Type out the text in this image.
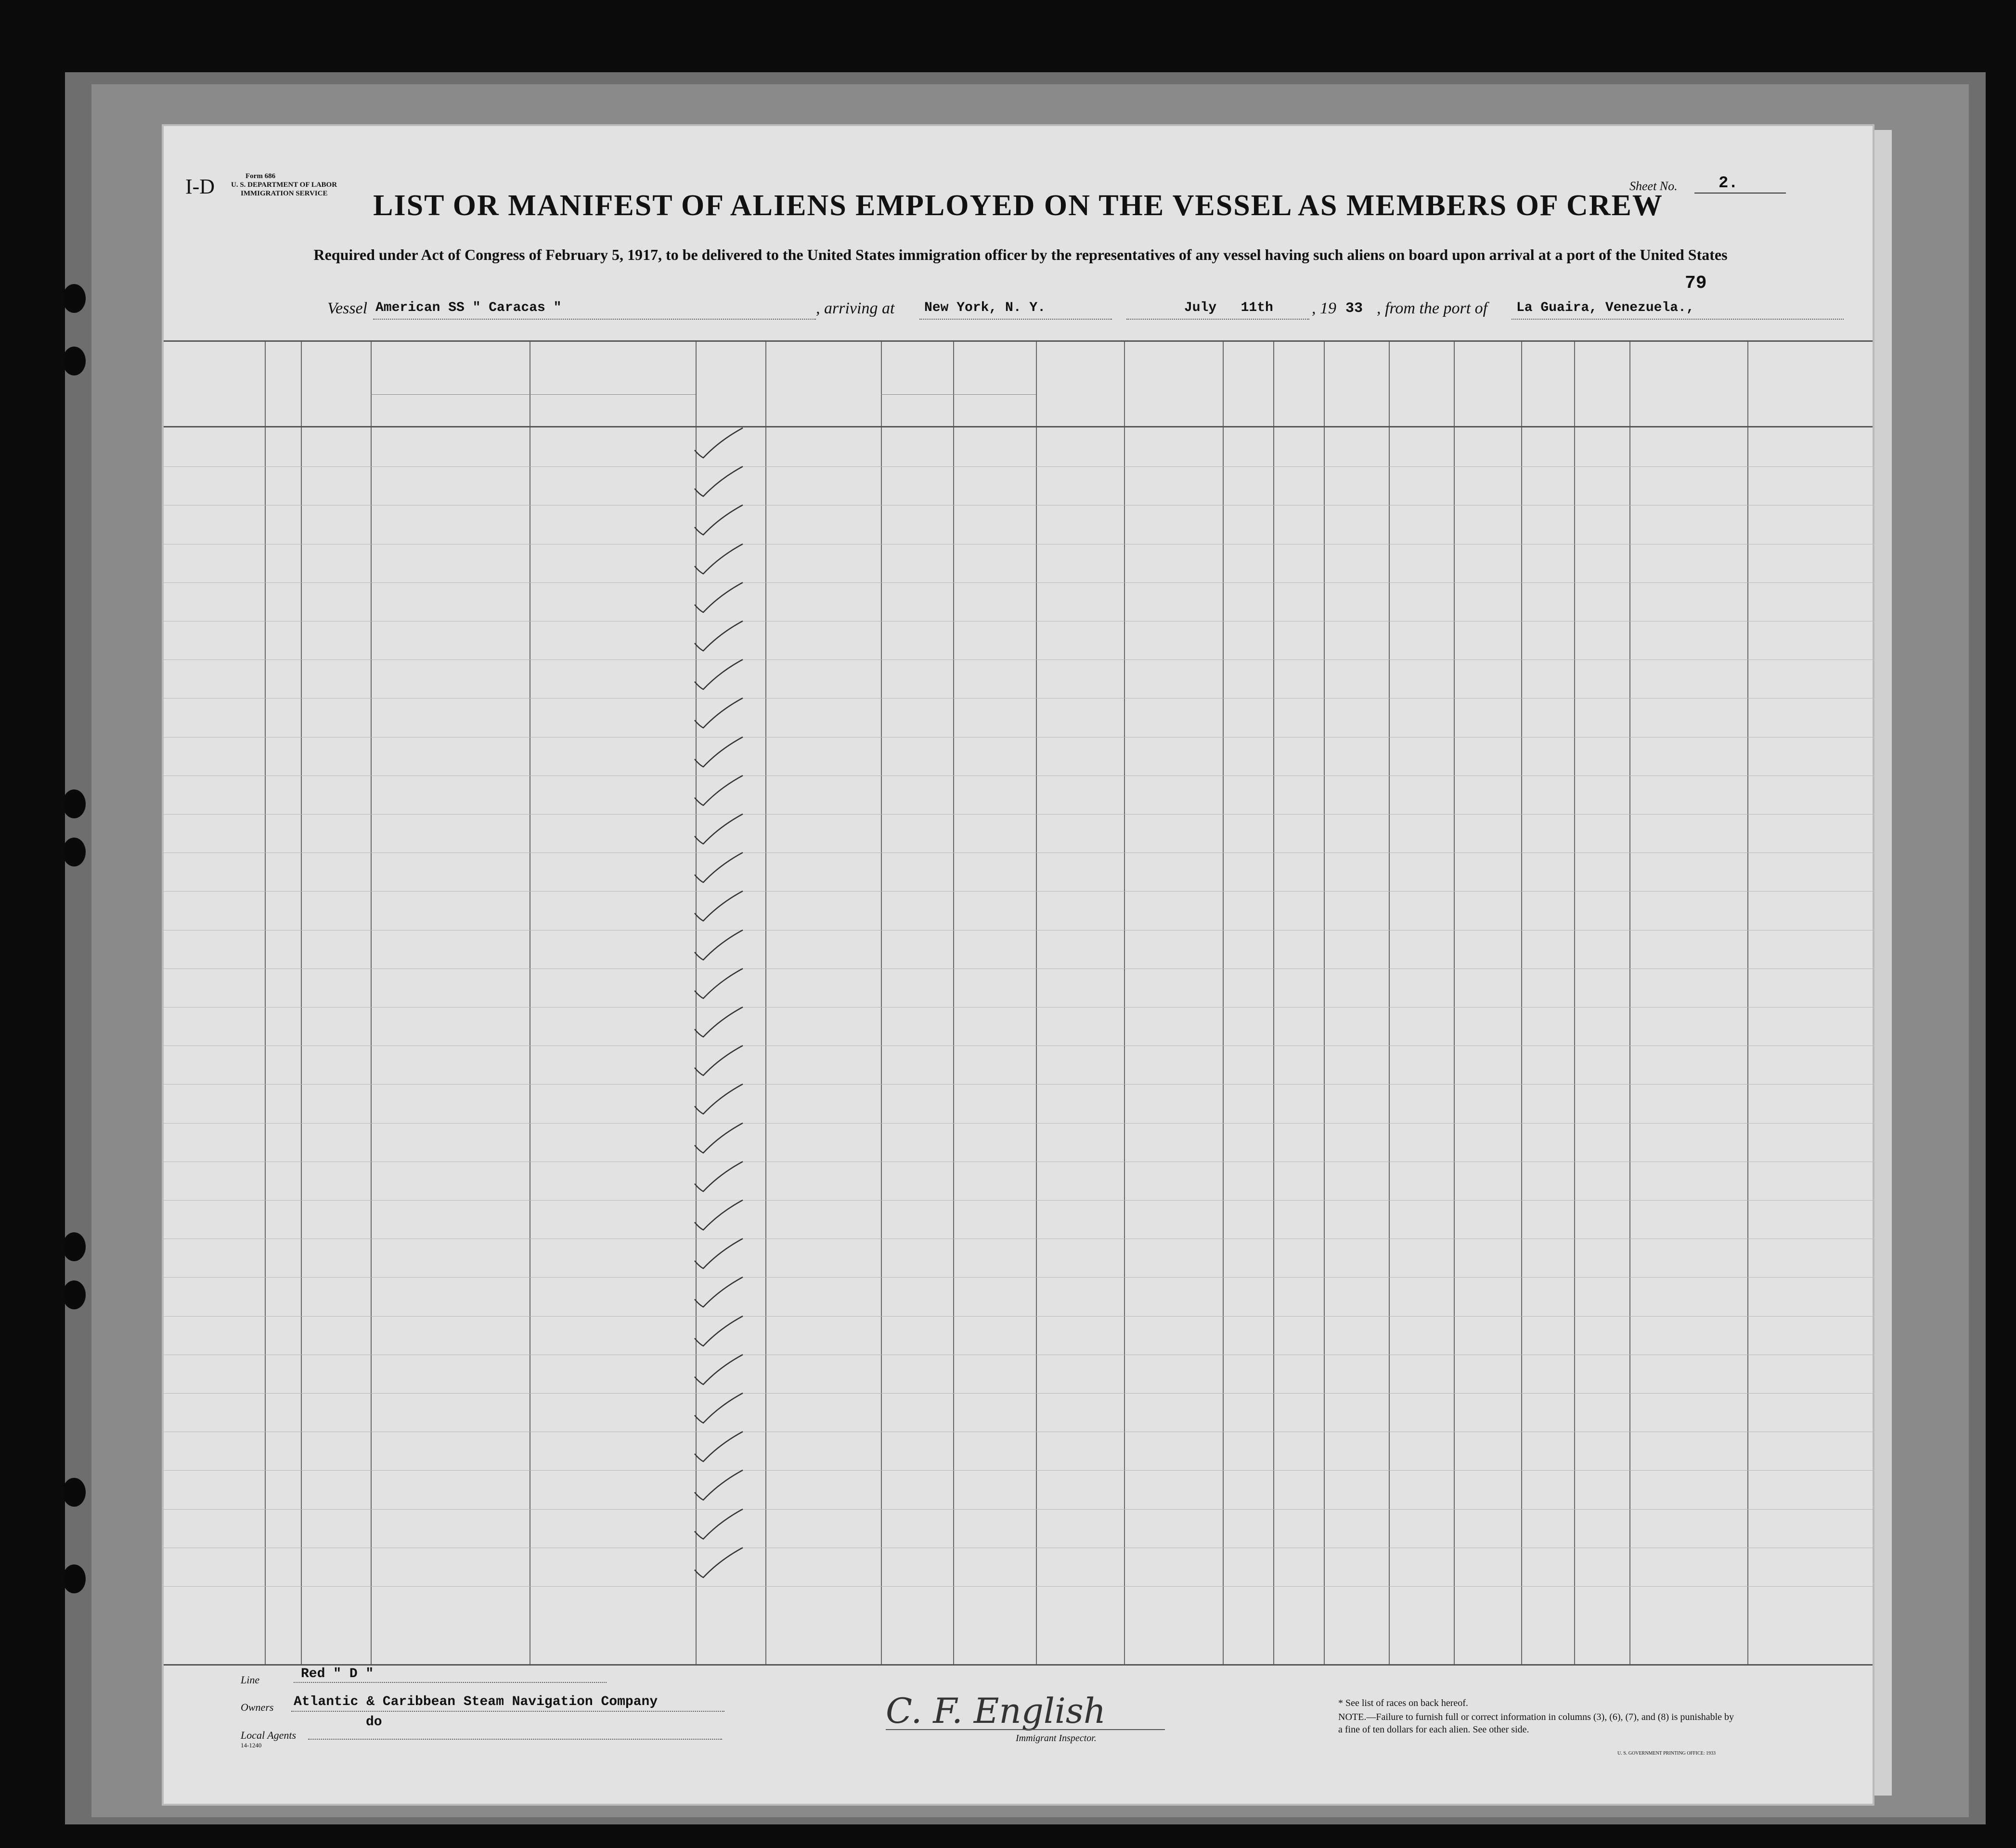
I-D	Form 686
U. S. DEPARTMENT OF LABOR
IMMIGRATION SERVICE
Sheet No.	2.
LIST OR MANIFEST OF ALIENS EMPLOYED ON THE VESSEL AS MEMBERS OF CREW
Required under Act of Congress of February 5, 1917, to be delivered to the United States immigration officer by the representatives of any vessel having such aliens on board upon arrival at a port of the United States
79
Vessel American SS " Caracas "	, arriving at New York, N. Y.	July   11th , 19 33 , from the port of La Guaira, Venezuela.,
Line	Red " D "
Owners Atlantic & Caribbean Steam Navigation Company
Local Agents
14-1240
do	C. F. English
Immigrant Inspector.
* See list of races on back hereof.
NOTE.—Failure to furnish full or correct information in columns (3), (6), (7), and (8) is punishable by a fine of ten dollars for each alien. See other side.
U. S. GOVERNMENT PRINTING OFFICE: 1933
